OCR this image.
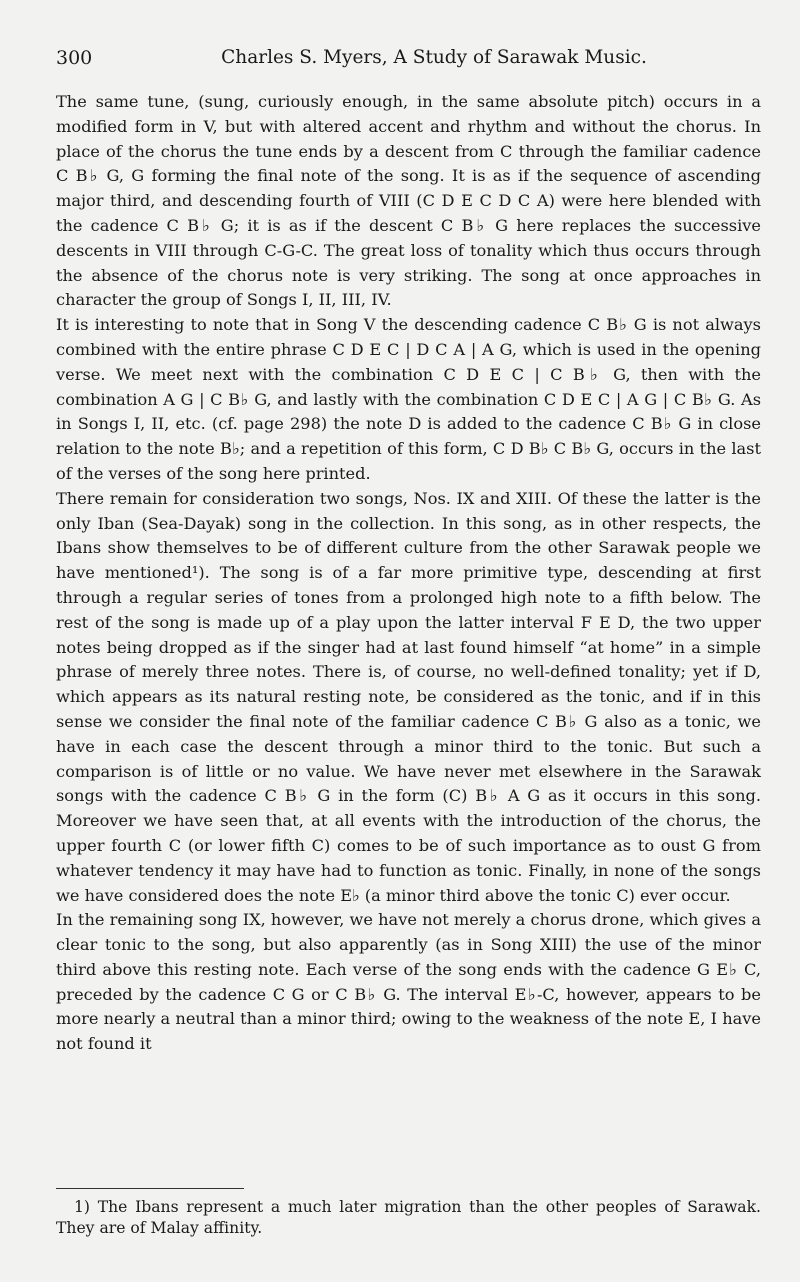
300	Charles S. Myers, A Study of Sarawak Music.

The same tune, (sung, curiously enough, in the same absolute pitch) occurs in a modified form in V, but with altered accent and rhythm and without the chorus. In place of the chorus the tune ends by a descent from C through the familiar cadence C B♭ G, G forming the final note of the song. It is as if the sequence of ascending major third, and descending fourth of VIII (C D E C D C A) were here blended with the cadence C B♭ G; it is as if the descent C B♭ G here replaces the successive descents in VIII through C-G-C. The great loss of tonality which thus occurs through the absence of the chorus note is very striking. The song at once approaches in character the group of Songs I, II, III, IV.

It is interesting to note that in Song V the descending cadence C B♭ G is not always combined with the entire phrase C D E C | D C A | A G, which is used in the opening verse. We meet next with the combination C D E C | C B♭ G, then with the combination A G | C B♭ G, and lastly with the combination C D E C | A G | C B♭ G. As in Songs I, II, etc. (cf. page 298) the note D is added to the cadence C B♭ G in close relation to the note B♭; and a repetition of this form, C D B♭ C B♭ G, occurs in the last of the verses of the song here printed.

There remain for consideration two songs, Nos. IX and XIII. Of these the latter is the only Iban (Sea-Dayak) song in the collection. In this song, as in other respects, the Ibans show themselves to be of different culture from the other Sarawak people we have mentioned¹). The song is of a far more primitive type, descending at first through a regular series of tones from a prolonged high note to a fifth below. The rest of the song is made up of a play upon the latter interval F E D, the two upper notes being dropped as if the singer had at last found himself “at home” in a simple phrase of merely three notes. There is, of course, no well-defined tonality; yet if D, which appears as its natural resting note, be considered as the tonic, and if in this sense we consider the final note of the familiar cadence C B♭ G also as a tonic, we have in each case the descent through a minor third to the tonic. But such a comparison is of little or no value. We have never met elsewhere in the Sarawak songs with the cadence C B♭ G in the form (C) B♭ A G as it occurs in this song. Moreover we have seen that, at all events with the introduction of the chorus, the upper fourth C (or lower fifth C) comes to be of such importance as to oust G from whatever tendency it may have had to function as tonic. Finally, in none of the songs we have considered does the note E♭ (a minor third above the tonic C) ever occur.

In the remaining song IX, however, we have not merely a chorus drone, which gives a clear tonic to the song, but also apparently (as in Song XIII) the use of the minor third above this resting note. Each verse of the song ends with the cadence G E♭ C, preceded by the cadence C G or C B♭ G. The interval E♭-C, however, appears to be more nearly a neutral than a minor third; owing to the weakness of the note E, I have not found it

1) The Ibans represent a much later migration than the other peoples of Sarawak. They are of Malay affinity.
